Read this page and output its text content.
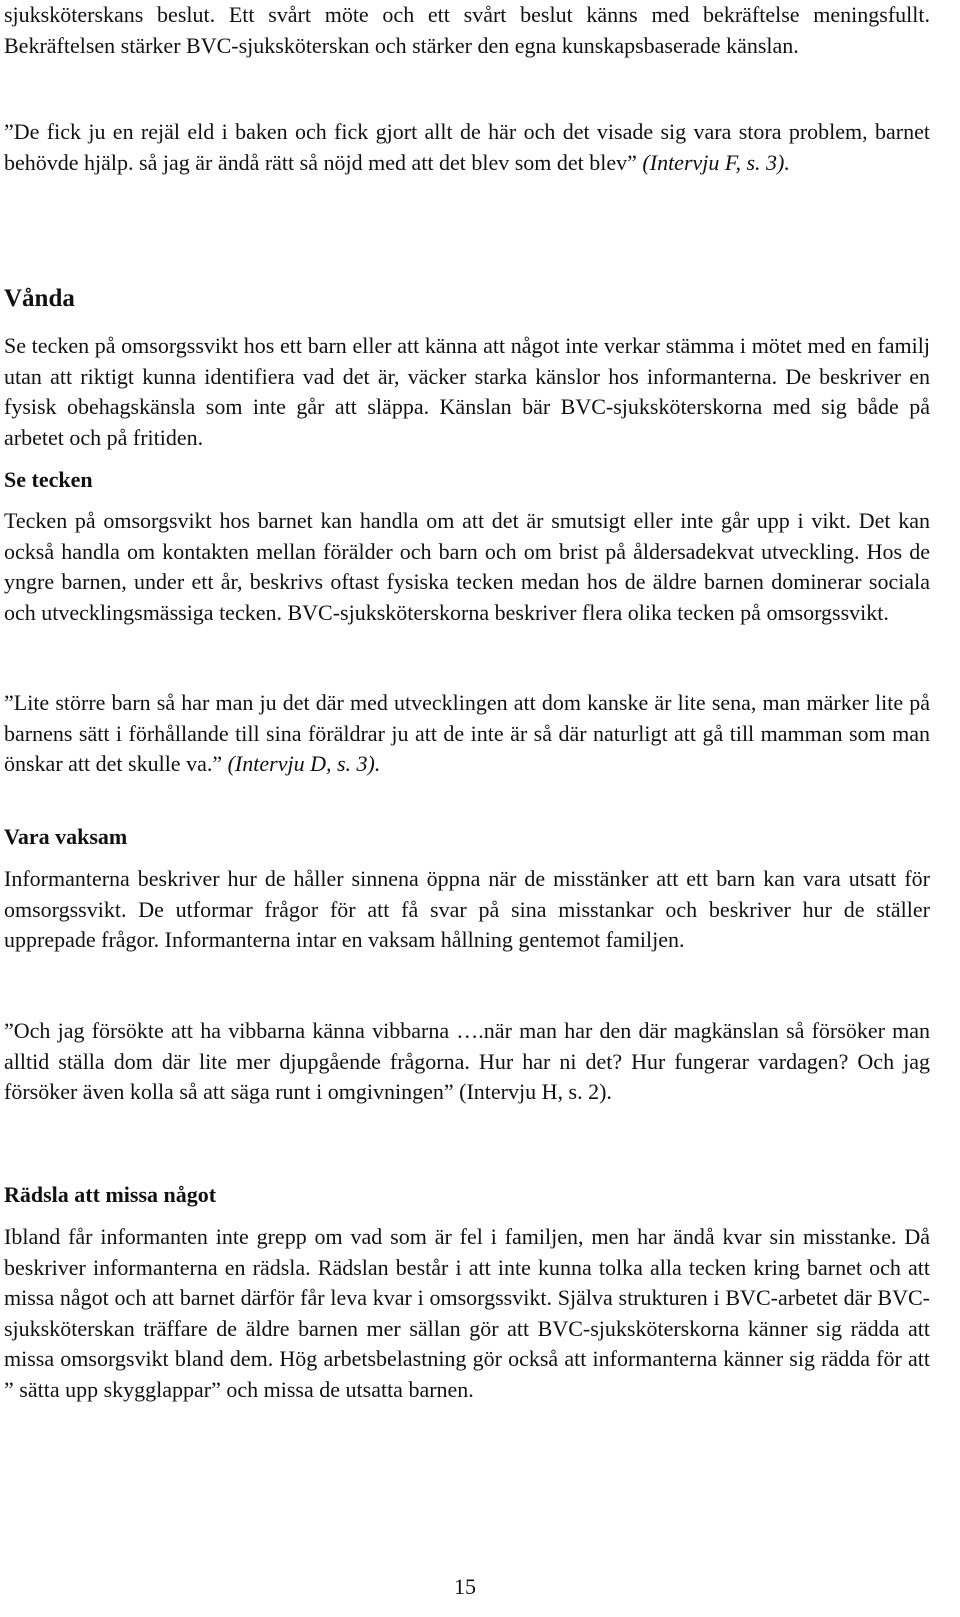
sjuksköterskans beslut. Ett svårt möte och ett svårt beslut känns med bekräftelse meningsfullt. Bekräftelsen stärker BVC-sjuksköterskan och stärker den egna kunskapsbaserade känslan.

”De fick ju en rejäl eld i baken och fick gjort allt de här och det visade sig vara stora problem, barnet behövde hjälp. så jag är ändå rätt så nöjd med att det blev som det blev” (Intervju F, s. 3).

Vånda

Se tecken på omsorgssvikt hos ett barn eller att känna att något inte verkar stämma i mötet med en familj utan att riktigt kunna identifiera vad det är, väcker starka känslor hos informanterna. De beskriver en fysisk obehagskänsla som inte går att släppa. Känslan bär BVC-sjuksköterskorna med sig både på arbetet och på fritiden.

Se tecken

Tecken på omsorgsvikt hos barnet kan handla om att det är smutsigt eller inte går upp i vikt. Det kan också handla om kontakten mellan förälder och barn och om brist på åldersadekvat utveckling. Hos de yngre barnen, under ett år, beskrivs oftast fysiska tecken medan hos de äldre barnen dominerar sociala och utvecklingsmässiga tecken. BVC-sjuksköterskorna beskriver flera olika tecken på omsorgssvikt.

”Lite större barn så har man ju det där med utvecklingen att dom kanske är lite sena, man märker lite på barnens sätt i förhållande till sina föräldrar ju att de inte är så där naturligt att gå till mamman som man önskar att det skulle va.” (Intervju D, s. 3).

Vara vaksam

Informanterna beskriver hur de håller sinnena öppna när de misstänker att ett barn kan vara utsatt för omsorgssvikt. De utformar frågor för att få svar på sina misstankar och beskriver hur de ställer upprepade frågor. Informanterna intar en vaksam hållning gentemot familjen.

”Och jag försökte att ha vibbarna känna vibbarna ….när man har den där magkänslan så försöker man alltid ställa dom där lite mer djupgående frågorna. Hur har ni det? Hur fungerar vardagen? Och jag försöker även kolla så att säga runt i omgivningen” (Intervju H, s. 2).

Rädsla att missa något

Ibland får informanten inte grepp om vad som är fel i familjen, men har ändå kvar sin misstanke. Då beskriver informanterna en rädsla. Rädslan består i att inte kunna tolka alla tecken kring barnet och att missa något och att barnet därför får leva kvar i omsorgssvikt. Själva strukturen i BVC-arbetet där BVC-sjuksköterskan träffare de äldre barnen mer sällan gör att BVC-sjuksköterskorna känner sig rädda att missa omsorgsvikt bland dem. Hög arbetsbelastning gör också att informanterna känner sig rädda för att ” sätta upp skygglappar” och missa de utsatta barnen.

15
